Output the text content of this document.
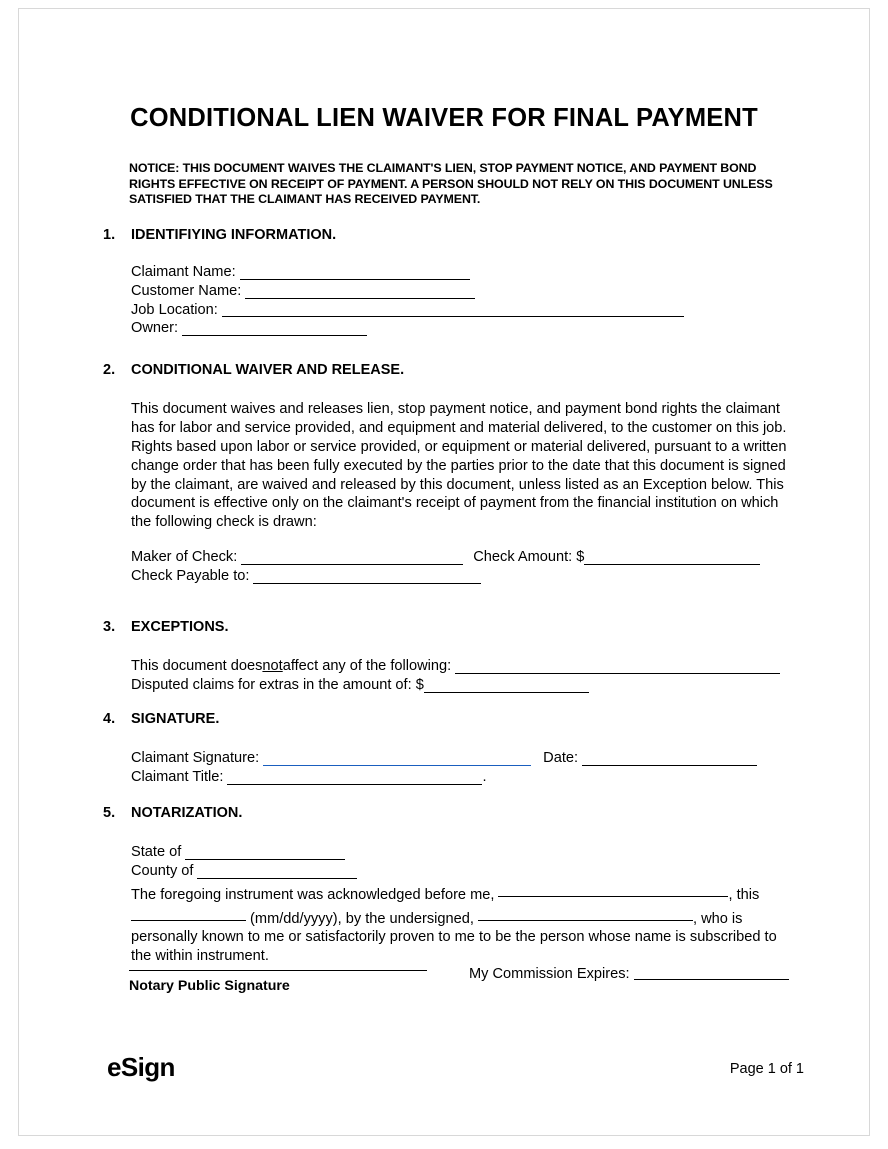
CONDITIONAL LIEN WAIVER FOR FINAL PAYMENT
NOTICE: THIS DOCUMENT WAIVES THE CLAIMANT'S LIEN, STOP PAYMENT NOTICE, AND PAYMENT BOND RIGHTS EFFECTIVE ON RECEIPT OF PAYMENT. A PERSON SHOULD NOT RELY ON THIS DOCUMENT UNLESS SATISFIED THAT THE CLAIMANT HAS RECEIVED PAYMENT.
1.	IDENTIFIYING INFORMATION.
Claimant Name:
Customer Name:
Job Location:
Owner:
2.	CONDITIONAL WAIVER AND RELEASE.

This document waives and releases lien, stop payment notice, and payment bond rights the claimant has for labor and service provided, and equipment and material delivered, to the customer on this job. Rights based upon labor or service provided, or equipment or material delivered, pursuant to a written change order that has been fully executed by the parties prior to the date that this document is signed by the claimant, are waived and released by this document, unless listed as an Exception below. This document is effective only on the claimant's receipt of payment from the financial institution on which the following check is drawn:

Maker of Check:	Check Amount: $
Check Payable to:
3.	EXCEPTIONS.
This document does not affect any of the following:
Disputed claims for extras in the amount of: $
4.	SIGNATURE.
Claimant Signature:	Date:
Claimant Title:	.
5.	NOTARIZATION.
State of
County of

The foregoing instrument was acknowledged before me,	, this  (mm/dd/yyyy), by the undersigned,	, who is personally known to me or satisfactorily proven to me to be the person whose name is subscribed to the within instrument.

Notary Public Signature
My Commission Expires:
eSign	Page 1 of 1
